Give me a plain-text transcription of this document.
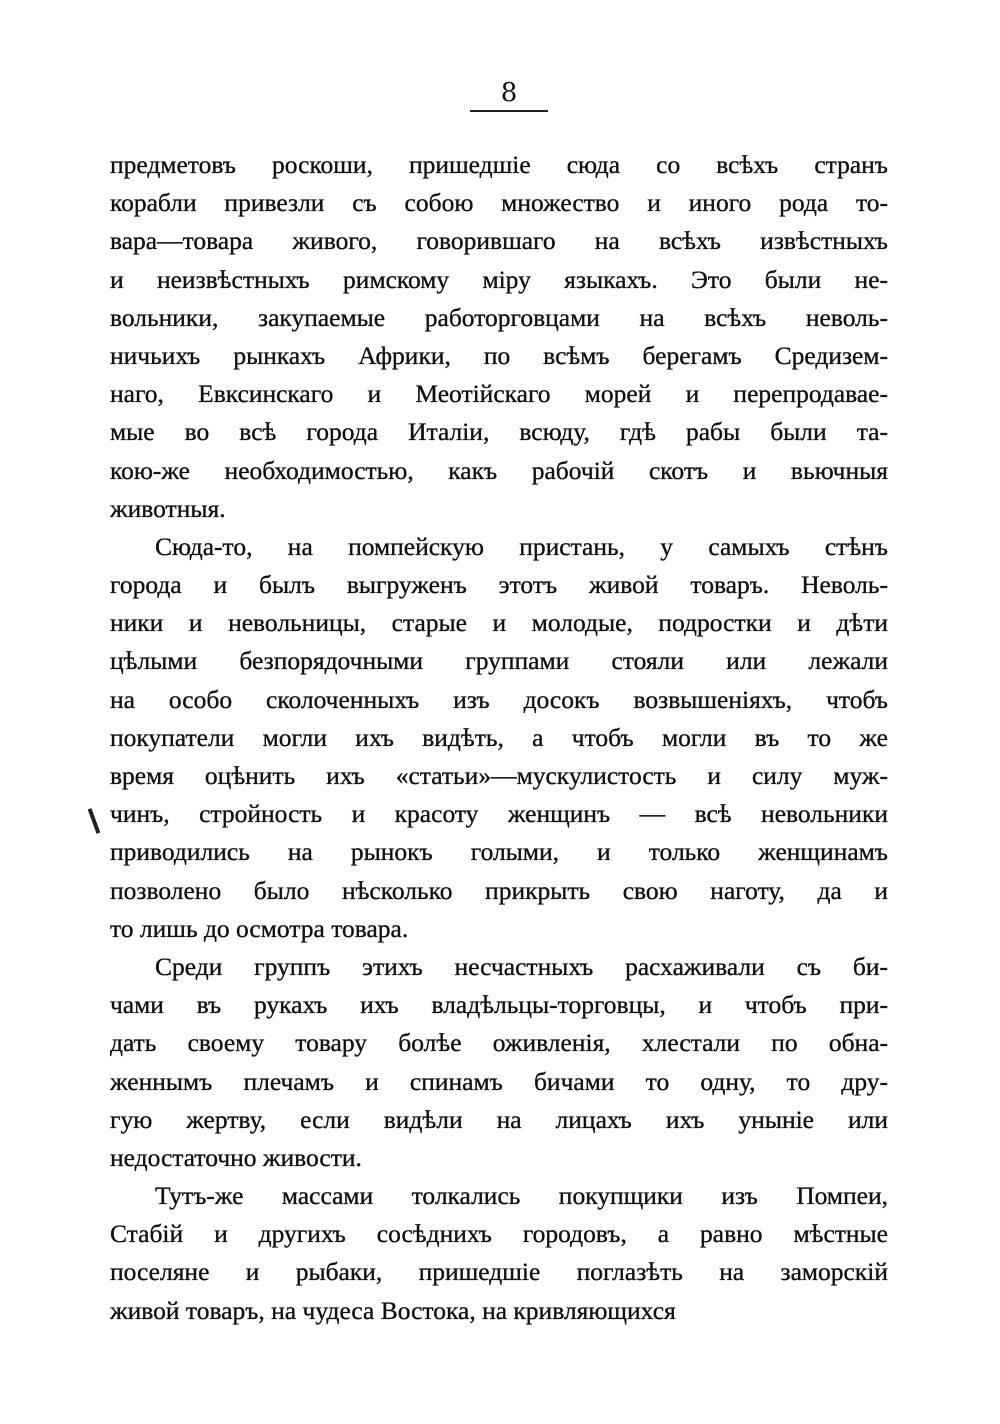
8
предметовъ роскоши, пришедшіе сюда со всѣхъ странъ
корабли привезли съ собою множество и иного рода то-
вара—товара живого, говорившаго на всѣхъ извѣстныхъ
и неизвѣстныхъ римскому міру языкахъ. Это были не-
вольники, закупаемые работорговцами на всѣхъ неволь-
ничьихъ рынкахъ Африки, по всѣмъ берегамъ Средизем-
наго, Евксинскаго и Меотійскаго морей и перепродавае-
мые во всѣ города Италіи, всюду, гдѣ рабы были та-
кою-же необходимостью, какъ рабочій скотъ и вьючныя
животныя.
Сюда-то, на помпейскую пристань, у самыхъ стѣнъ
города и былъ выгруженъ этотъ живой товаръ. Неволь-
ники и невольницы, старые и молодые, подростки и дѣти
цѣлыми безпорядочными группами стояли или лежали
на особо сколоченныхъ изъ досокъ возвышеніяхъ, чтобъ
покупатели могли ихъ видѣть, а чтобъ могли въ то же
время оцѣнить ихъ «статьи»—мускулистость и силу муж-
чинъ, стройность и красоту женщинъ — всѣ невольники
приводились на рынокъ голыми, и только женщинамъ
позволено было нѣсколько прикрыть свою наготу, да и
то лишь до осмотра товара.
Среди группъ этихъ несчастныхъ расхаживали съ би-
чами въ рукахъ ихъ владѣльцы-торговцы, и чтобъ при-
дать своему товару болѣе оживленія, хлестали по обна-
женнымъ плечамъ и спинамъ бичами то одну, то дру-
гую жертву, если видѣли на лицахъ ихъ уныніе или
недостаточно живости.
Тутъ-же массами толкались покупщики изъ Помпеи,
Стабій и другихъ сосѣднихъ городовъ, а равно мѣстные
поселяне и рыбаки, пришедшіе поглазѣть на заморскій
живой товаръ, на чудеса Востока, на кривляющихся
